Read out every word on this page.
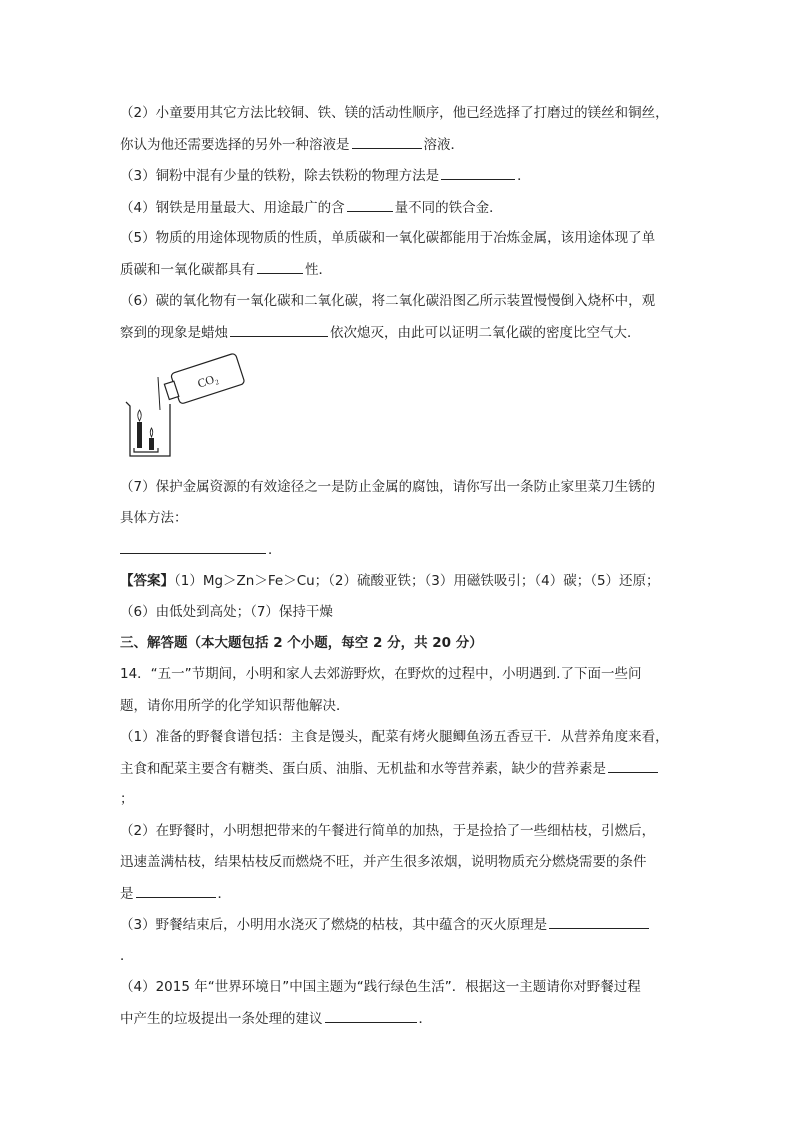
（2）小童要用其它方法比较铜、铁、镁的活动性顺序，他已经选择了打磨过的镁丝和铜丝，
你认为他还需要选择的另外一种溶液是	溶液．
（3）铜粉中混有少量的铁粉，除去铁粉的物理方法是	．
（4）钢铁是用量最大、用途最广的含	量不同的铁合金．
（5）物质的用途体现物质的性质，单质碳和一氧化碳都能用于冶炼金属，该用途体现了单
质碳和一氧化碳都具有	性．
（6）碳的氧化物有一氧化碳和二氧化碳，将二氧化碳沿图乙所示装置慢慢倒入烧杯中，观
察到的现象是蜡烛	依次熄灭，由此可以证明二氧化碳的密度比空气大．
CO₂
（7）保护金属资源的有效途径之一是防止金属的腐蚀，请你写出一条防止家里菜刀生锈的
具体方法：
．
【答案】（1）Mg＞Zn＞Fe＞Cu；（2）硫酸亚铁；（3）用磁铁吸引；（4）碳；（5）还原；
（6）由低处到高处；（7）保持干燥
三、解答题（本大题包括 2 个小题，每空 2 分，共 20 分）
14．“五一”节期间，小明和家人去郊游野炊，在野炊的过程中，小明遇到.了下面一些问
题，请你用所学的化学知识帮他解决．
（1）准备的野餐食谱包括：主食是馒头，配菜有烤火腿鲫鱼汤五香豆干．从营养角度来看，
主食和配菜主要含有糖类、蛋白质、油脂、无机盐和水等营养素，缺少的营养素是
；
（2）在野餐时，小明想把带来的午餐进行简单的加热，于是捡拾了一些细枯枝，引燃后，
迅速盖满枯枝，结果枯枝反而燃烧不旺，并产生很多浓烟，说明物质充分燃烧需要的条件
是	．
（3）野餐结束后，小明用水浇灭了燃烧的枯枝，其中蕴含的灭火原理是
．
（4）2015 年“世界环境日”中国主题为“践行绿色生活”．根据这一主题请你对野餐过程
中产生的垃圾提出一条处理的建议	．
